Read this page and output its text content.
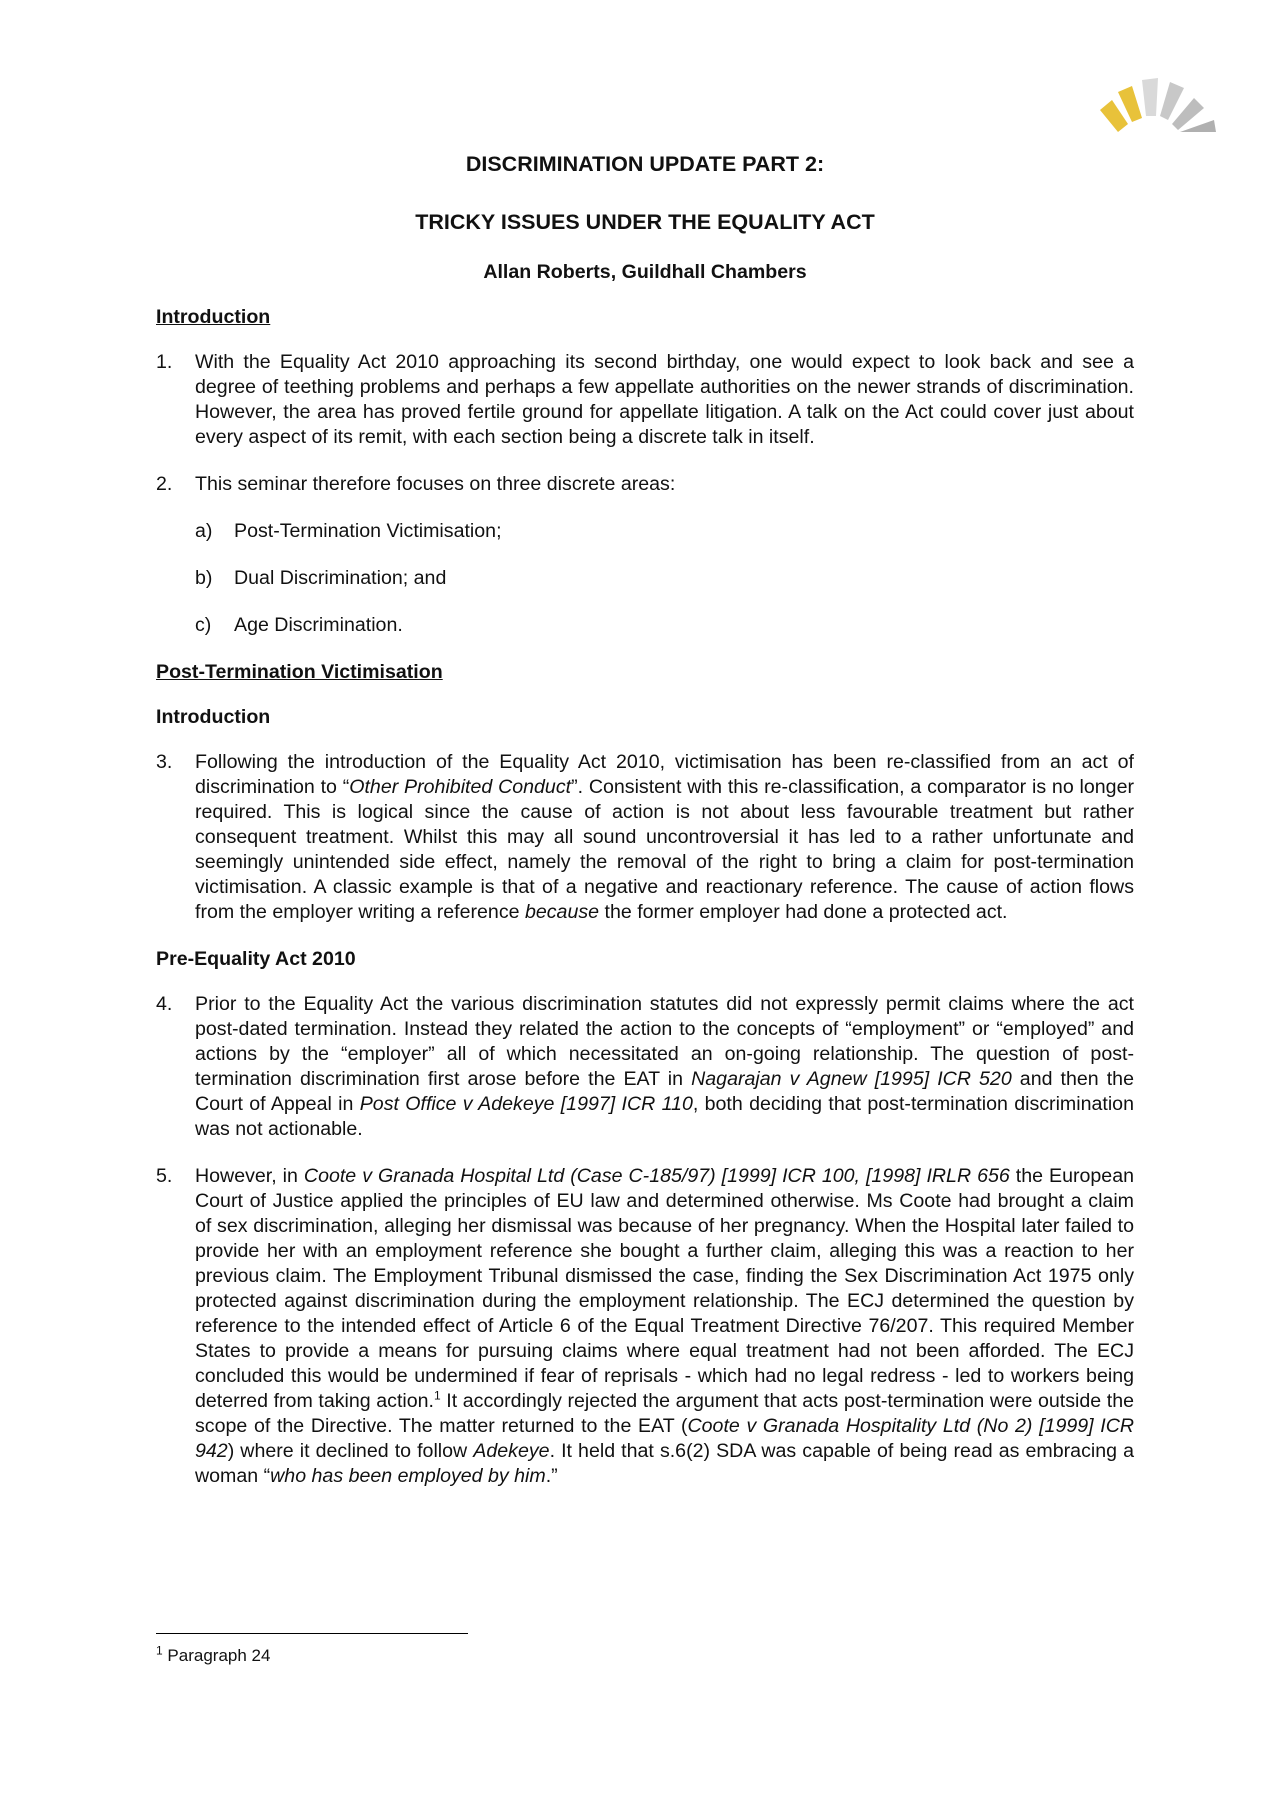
DISCRIMINATION UPDATE PART 2:
TRICKY ISSUES UNDER THE EQUALITY ACT
Allan Roberts, Guildhall Chambers
Introduction
1. With the Equality Act 2010 approaching its second birthday, one would expect to look back and see a degree of teething problems and perhaps a few appellate authorities on the newer strands of discrimination. However, the area has proved fertile ground for appellate litigation. A talk on the Act could cover just about every aspect of its remit, with each section being a discrete talk in itself.
2. This seminar therefore focuses on three discrete areas:
a) Post-Termination Victimisation;
b) Dual Discrimination; and
c) Age Discrimination.
Post-Termination Victimisation
Introduction
3. Following the introduction of the Equality Act 2010, victimisation has been re-classified from an act of discrimination to “Other Prohibited Conduct”. Consistent with this re-classification, a comparator is no longer required. This is logical since the cause of action is not about less favourable treatment but rather consequent treatment. Whilst this may all sound uncontroversial it has led to a rather unfortunate and seemingly unintended side effect, namely the removal of the right to bring a claim for post-termination victimisation. A classic example is that of a negative and reactionary reference. The cause of action flows from the employer writing a reference because the former employer had done a protected act.
Pre-Equality Act 2010
4. Prior to the Equality Act the various discrimination statutes did not expressly permit claims where the act post-dated termination. Instead they related the action to the concepts of “employment” or “employed” and actions by the “employer” all of which necessitated an on-going relationship. The question of post-termination discrimination first arose before the EAT in Nagarajan v Agnew [1995] ICR 520 and then the Court of Appeal in Post Office v Adekeye [1997] ICR 110, both deciding that post-termination discrimination was not actionable.
5. However, in Coote v Granada Hospital Ltd (Case C-185/97) [1999] ICR 100, [1998] IRLR 656 the European Court of Justice applied the principles of EU law and determined otherwise. Ms Coote had brought a claim of sex discrimination, alleging her dismissal was because of her pregnancy. When the Hospital later failed to provide her with an employment reference she bought a further claim, alleging this was a reaction to her previous claim. The Employment Tribunal dismissed the case, finding the Sex Discrimination Act 1975 only protected against discrimination during the employment relationship. The ECJ determined the question by reference to the intended effect of Article 6 of the Equal Treatment Directive 76/207. This required Member States to provide a means for pursuing claims where equal treatment had not been afforded. The ECJ concluded this would be undermined if fear of reprisals - which had no legal redress - led to workers being deterred from taking action.$^1$ It accordingly rejected the argument that acts post-termination were outside the scope of the Directive. The matter returned to the EAT (Coote v Granada Hospitality Ltd (No 2) [1999] ICR 942) where it declined to follow Adekeye. It held that s.6(2) SDA was capable of being read as embracing a woman “who has been employed by him.”
$^1$ Paragraph 24
